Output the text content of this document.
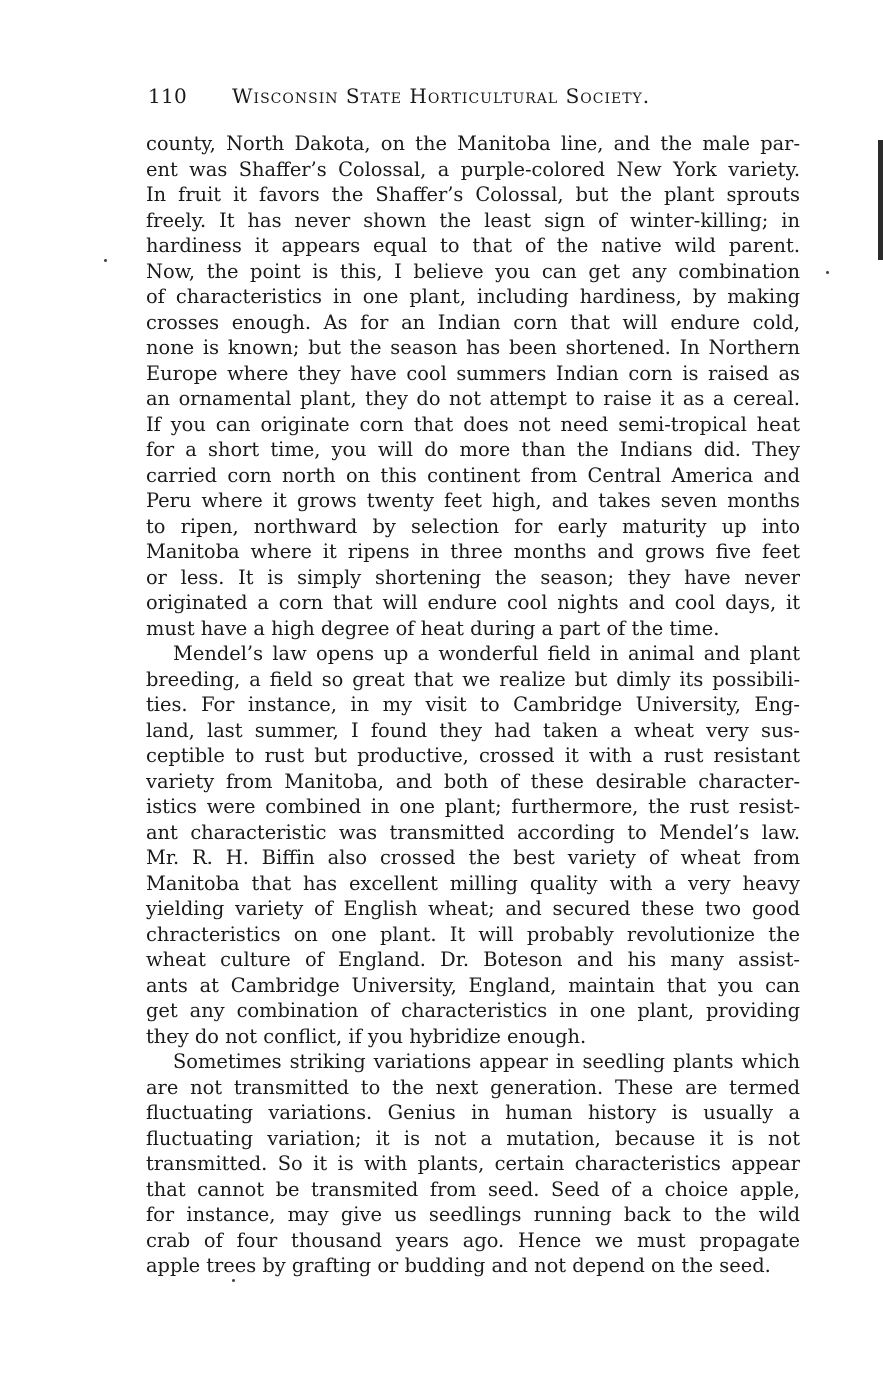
110 Wisconsin State Horticultural Society.
county, North Dakota, on the Manitoba line, and the male par-
ent was Shaffer’s Colossal, a purple-colored New York variety.
In fruit it favors the Shaffer’s Colossal, but the plant sprouts
freely. It has never shown the least sign of winter-killing; in
hardiness it appears equal to that of the native wild parent.
Now, the point is this, I believe you can get any combination
of characteristics in one plant, including hardiness, by making
crosses enough. As for an Indian corn that will endure cold,
none is known; but the season has been shortened. In Northern
Europe where they have cool summers Indian corn is raised as
an ornamental plant, they do not attempt to raise it as a cereal.
If you can originate corn that does not need semi-tropical heat
for a short time, you will do more than the Indians did. They
carried corn north on this continent from Central America and
Peru where it grows twenty feet high, and takes seven months
to ripen, northward by selection for early maturity up into
Manitoba where it ripens in three months and grows five feet
or less. It is simply shortening the season; they have never
originated a corn that will endure cool nights and cool days, it
must have a high degree of heat during a part of the time.
Mendel’s law opens up a wonderful field in animal and plant
breeding, a field so great that we realize but dimly its possibili-
ties. For instance, in my visit to Cambridge University, Eng-
land, last summer, I found they had taken a wheat very sus-
ceptible to rust but productive, crossed it with a rust resistant
variety from Manitoba, and both of these desirable character-
istics were combined in one plant; furthermore, the rust resist-
ant characteristic was transmitted according to Mendel’s law.
Mr. R. H. Biffin also crossed the best variety of wheat from
Manitoba that has excellent milling quality with a very heavy
yielding variety of English wheat; and secured these two good
chracteristics on one plant. It will probably revolutionize the
wheat culture of England. Dr. Boteson and his many assist-
ants at Cambridge University, England, maintain that you can
get any combination of characteristics in one plant, providing
they do not conflict, if you hybridize enough.
Sometimes striking variations appear in seedling plants which
are not transmitted to the next generation. These are termed
fluctuating variations. Genius in human history is usually a
fluctuating variation; it is not a mutation, because it is not
transmitted. So it is with plants, certain characteristics appear
that cannot be transmited from seed. Seed of a choice apple,
for instance, may give us seedlings running back to the wild
crab of four thousand years ago. Hence we must propagate
apple trees by grafting or budding and not depend on the seed.
